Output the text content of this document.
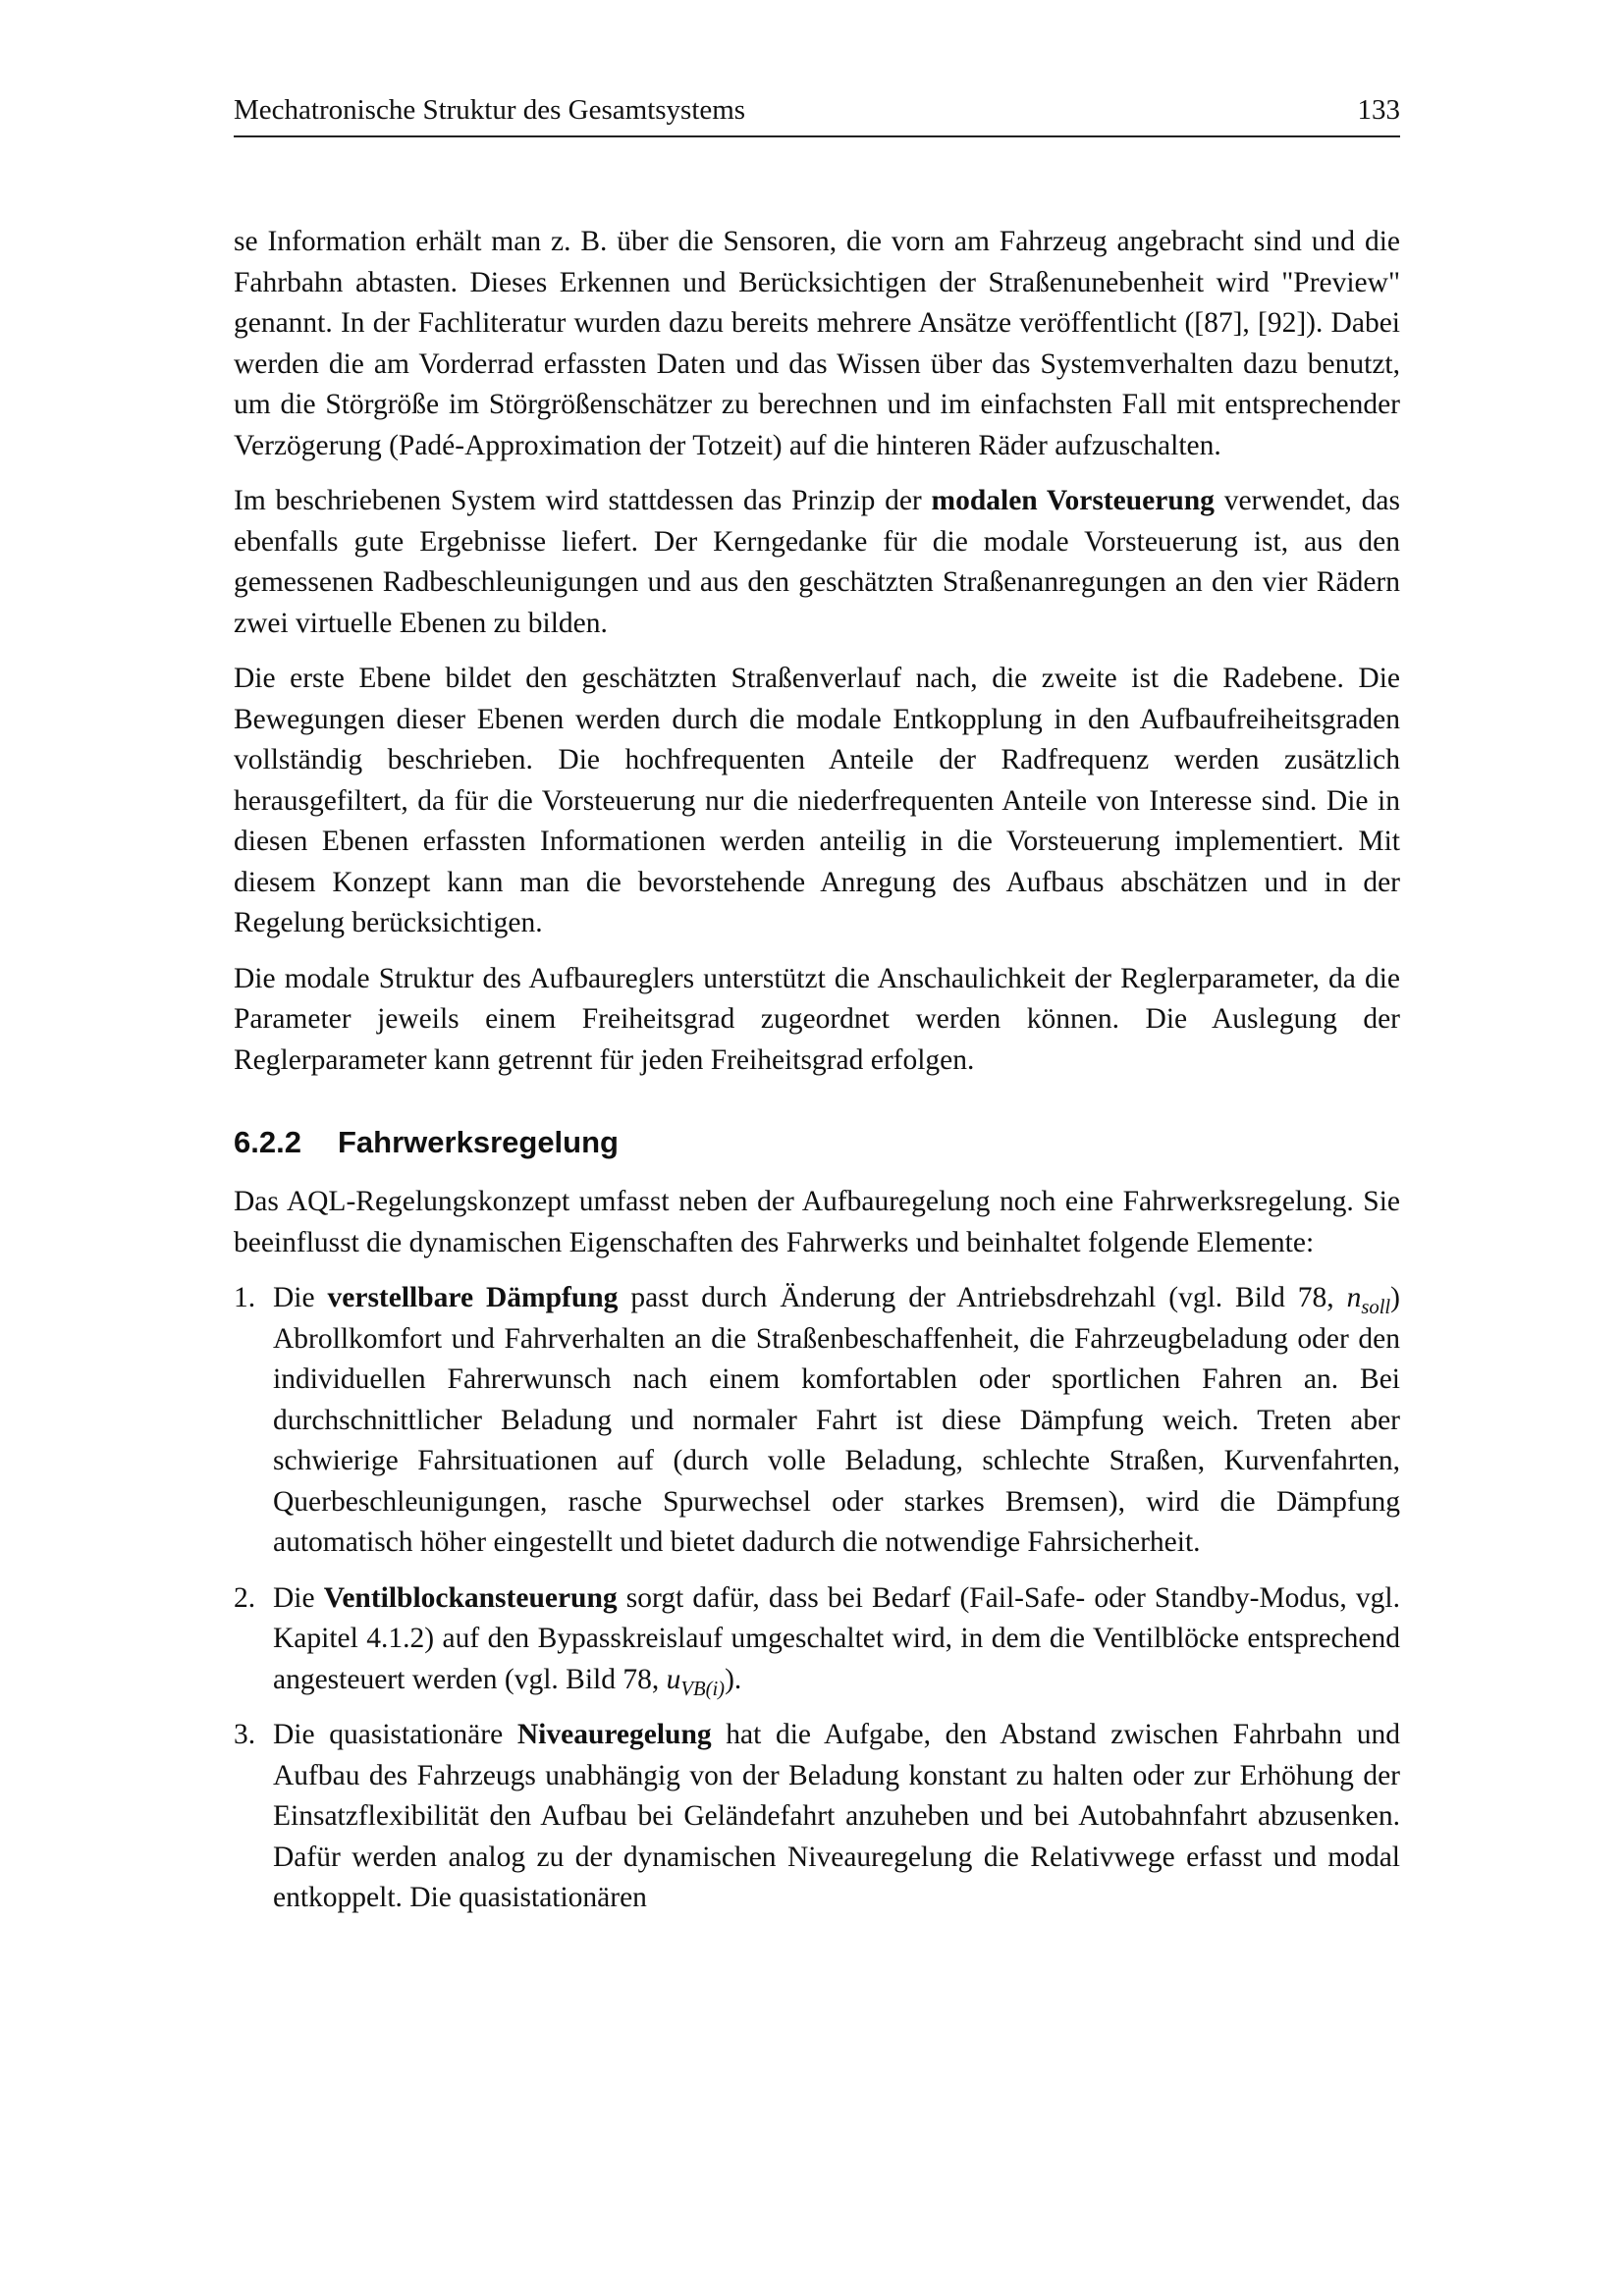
Mechatronische Struktur des Gesamtsystems	133

se Information erhält man z. B. über die Sensoren, die vorn am Fahrzeug angebracht sind und die Fahrbahn abtasten. Dieses Erkennen und Berücksichtigen der Straßenunebenheit wird "Preview" genannt. In der Fachliteratur wurden dazu bereits mehrere Ansätze veröffentlicht ([87], [92]). Dabei werden die am Vorderrad erfassten Daten und das Wissen über das Systemverhalten dazu benutzt, um die Störgröße im Störgrößenschätzer zu berechnen und im einfachsten Fall mit entsprechender Verzögerung (Padé-Approximation der Totzeit) auf die hinteren Räder aufzuschalten.

Im beschriebenen System wird stattdessen das Prinzip der modalen Vorsteuerung verwendet, das ebenfalls gute Ergebnisse liefert. Der Kerngedanke für die modale Vorsteuerung ist, aus den gemessenen Radbeschleunigungen und aus den geschätzten Straßenanregungen an den vier Rädern zwei virtuelle Ebenen zu bilden.

Die erste Ebene bildet den geschätzten Straßenverlauf nach, die zweite ist die Radebene. Die Bewegungen dieser Ebenen werden durch die modale Entkopplung in den Aufbaufreiheitsgraden vollständig beschrieben. Die hochfrequenten Anteile der Radfrequenz werden zusätzlich herausgefiltert, da für die Vorsteuerung nur die niederfrequenten Anteile von Interesse sind. Die in diesen Ebenen erfassten Informationen werden anteilig in die Vorsteuerung implementiert. Mit diesem Konzept kann man die bevorstehende Anregung des Aufbaus abschätzen und in der Regelung berücksichtigen.

Die modale Struktur des Aufbaureglers unterstützt die Anschaulichkeit der Reglerparameter, da die Parameter jeweils einem Freiheitsgrad zugeordnet werden können. Die Auslegung der Reglerparameter kann getrennt für jeden Freiheitsgrad erfolgen.

6.2.2 Fahrwerksregelung

Das AQL-Regelungskonzept umfasst neben der Aufbauregelung noch eine Fahrwerksregelung. Sie beeinflusst die dynamischen Eigenschaften des Fahrwerks und beinhaltet folgende Elemente:

1. Die verstellbare Dämpfung passt durch Änderung der Antriebsdrehzahl (vgl. Bild 78, $n_{soll}$) Abrollkomfort und Fahrverhalten an die Straßenbeschaffenheit, die Fahrzeugbeladung oder den individuellen Fahrerwunsch nach einem komfortablen oder sportlichen Fahren an. Bei durchschnittlicher Beladung und normaler Fahrt ist diese Dämpfung weich. Treten aber schwierige Fahrsituationen auf (durch volle Beladung, schlechte Straßen, Kurvenfahrten, Querbeschleunigungen, rasche Spurwechsel oder starkes Bremsen), wird die Dämpfung automatisch höher eingestellt und bietet dadurch die notwendige Fahrsicherheit.
2. Die Ventilblockansteuerung sorgt dafür, dass bei Bedarf (Fail-Safe- oder Standby-Modus, vgl. Kapitel 4.1.2) auf den Bypasskreislauf umgeschaltet wird, in dem die Ventilblöcke entsprechend angesteuert werden (vgl. Bild 78, $u_{VB(i)}$).
3. Die quasistationäre Niveauregelung hat die Aufgabe, den Abstand zwischen Fahrbahn und Aufbau des Fahrzeugs unabhängig von der Beladung konstant zu halten oder zur Erhöhung der Einsatzflexibilität den Aufbau bei Geländefahrt anzuheben und bei Autobahnfahrt abzusenken. Dafür werden analog zu der dynamischen Niveauregelung die Relativwege erfasst und modal entkoppelt. Die quasistationären
